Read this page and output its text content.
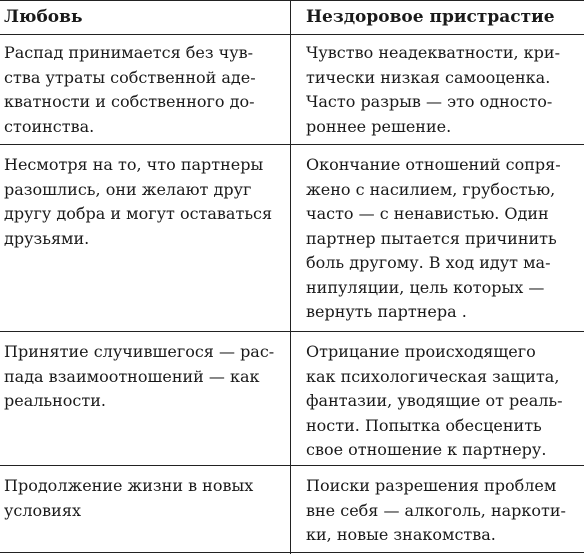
Любовь	Нездоровое пристрастие
Распад принимается без чув-
ства утраты собственной аде-
кватности и собственного до-
стоинства.
Чувство неадекватности, кри-
тически низкая самооценка.
Часто разрыв — это односто-
роннее решение.
Несмотря на то, что партнеры
разошлись, они желают друг
другу добра и могут оставаться
друзьями.
Окончание отношений сопря-
жено с насилием, грубостью,
часто — с ненавистью. Один
партнер пытается причинить
боль другому. В ход идут ма-
нипуляции, цель которых —
вернуть партнера .
Принятие случившегося — рас-
пада взаимоотношений — как
реальности.
Отрицание происходящего
как психологическая защита,
фантазии, уводящие от реаль-
ности. Попытка обесценить
свое отношение к партнеру.
Продолжение жизни в новых
условиях
Поиски разрешения проблем
вне себя — алкоголь, наркоти-
ки, новые знакомства.
